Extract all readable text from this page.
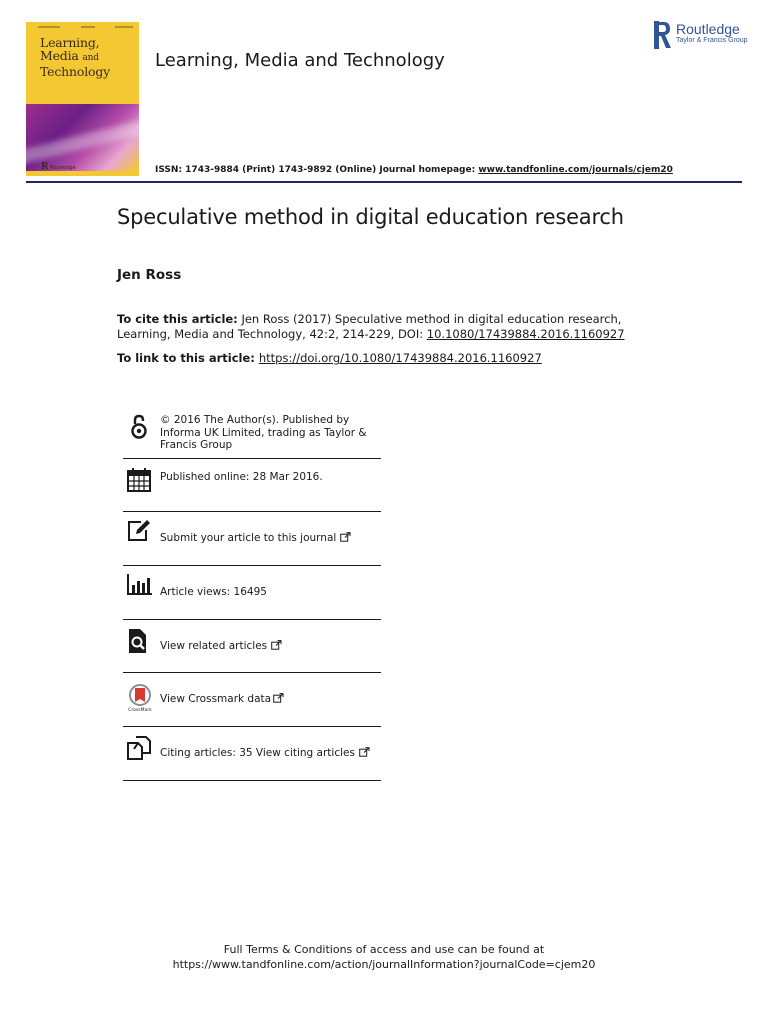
Learning,
Media and
Technology
R Routledge
Learning, Media and Technology
Routledge
Taylor & Francis Group
ISSN: 1743-9884 (Print) 1743-9892 (Online) Journal homepage: www.tandfonline.com/journals/cjem20
Speculative method in digital education research
Jen Ross
To cite this article: Jen Ross (2017) Speculative method in digital education research, Learning, Media and Technology, 42:2, 214-229, DOI: 10.1080/17439884.2016.1160927
To link to this article: https://doi.org/10.1080/17439884.2016.1160927
© 2016 The Author(s). Published by Informa UK Limited, trading as Taylor & Francis Group
Published online: 28 Mar 2016.
Submit your article to this journal
Article views: 16495
View related articles
CrossMark
View Crossmark data
Citing articles: 35 View citing articles
Full Terms & Conditions of access and use can be found at
https://www.tandfonline.com/action/journalInformation?journalCode=cjem20
